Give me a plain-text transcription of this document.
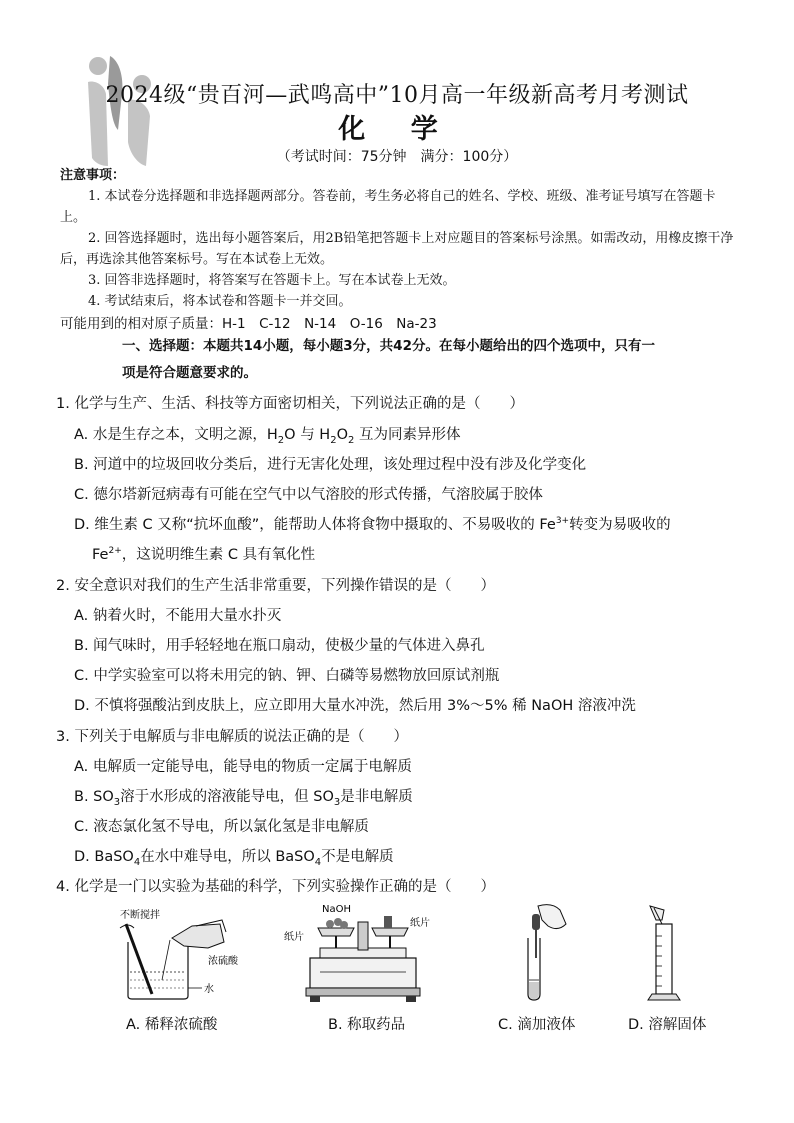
2024级“贵百河—武鸣高中”10月高一年级新高考月考测试
化 学
（考试时间：75分钟　满分：100分）
注意事项：

1. 本试卷分选择题和非选择题两部分。答卷前，考生务必将自己的姓名、学校、班级、准考证号填写在答题卡上。

2. 回答选择题时，选出每小题答案后，用2B铅笔把答题卡上对应题目的答案标号涂黑。如需改动，用橡皮擦干净后，再选涂其他答案标号。写在本试卷上无效。

3. 回答非选择题时，将答案写在答题卡上。写在本试卷上无效。

4. 考试结束后，将本试卷和答题卡一并交回。

可能用到的相对原子质量：H-1　C-12　N-14　O-16　Na-23
一、选择题：本题共14小题，每小题3分，共42分。在每小题给出的四个选项中，只有一
项是符合题意要求的。
1. 化学与生产、生活、科技等方面密切相关，下列说法正确的是（　　）
A. 水是生存之本，文明之源，$H_2O$ 与 $H_2O_2$ 互为同素异形体
B. 河道中的垃圾回收分类后，进行无害化处理，该处理过程中没有涉及化学变化
C. 德尔塔新冠病毒有可能在空气中以气溶胶的形式传播，气溶胶属于胶体
D. 维生素 C 又称“抗坏血酸”，能帮助人体将食物中摄取的、不易吸收的 $Fe^{3+}$转变为易吸收的
$Fe^{2+}$，这说明维生素 C 具有氧化性
2. 安全意识对我们的生产生活非常重要，下列操作错误的是（　　）
A. 钠着火时，不能用大量水扑灭
B. 闻气味时，用手轻轻地在瓶口扇动，使极少量的气体进入鼻孔
C. 中学实验室可以将未用完的钠、钾、白磷等易燃物放回原试剂瓶
D. 不慎将强酸沾到皮肤上，应立即用大量水冲洗，然后用 3%～5% 稀 NaOH 溶液冲洗
3. 下列关于电解质与非电解质的说法正确的是（　　）
A. 电解质一定能导电，能导电的物质一定属于电解质
B. $SO_3$溶于水形成的溶液能导电，但 $SO_3$是非电解质
C. 液态氯化氢不导电，所以氯化氢是非电解质
D. BaSO$_4$在水中难导电，所以 BaSO$_4$不是电解质
4. 化学是一门以实验为基础的科学，下列实验操作正确的是（　　）
不断搅拌
浓硫酸
水
NaOH
纸片
纸片
A. 稀释浓硫酸	B. 称取药品	C. 滴加液体	D. 溶解固体
